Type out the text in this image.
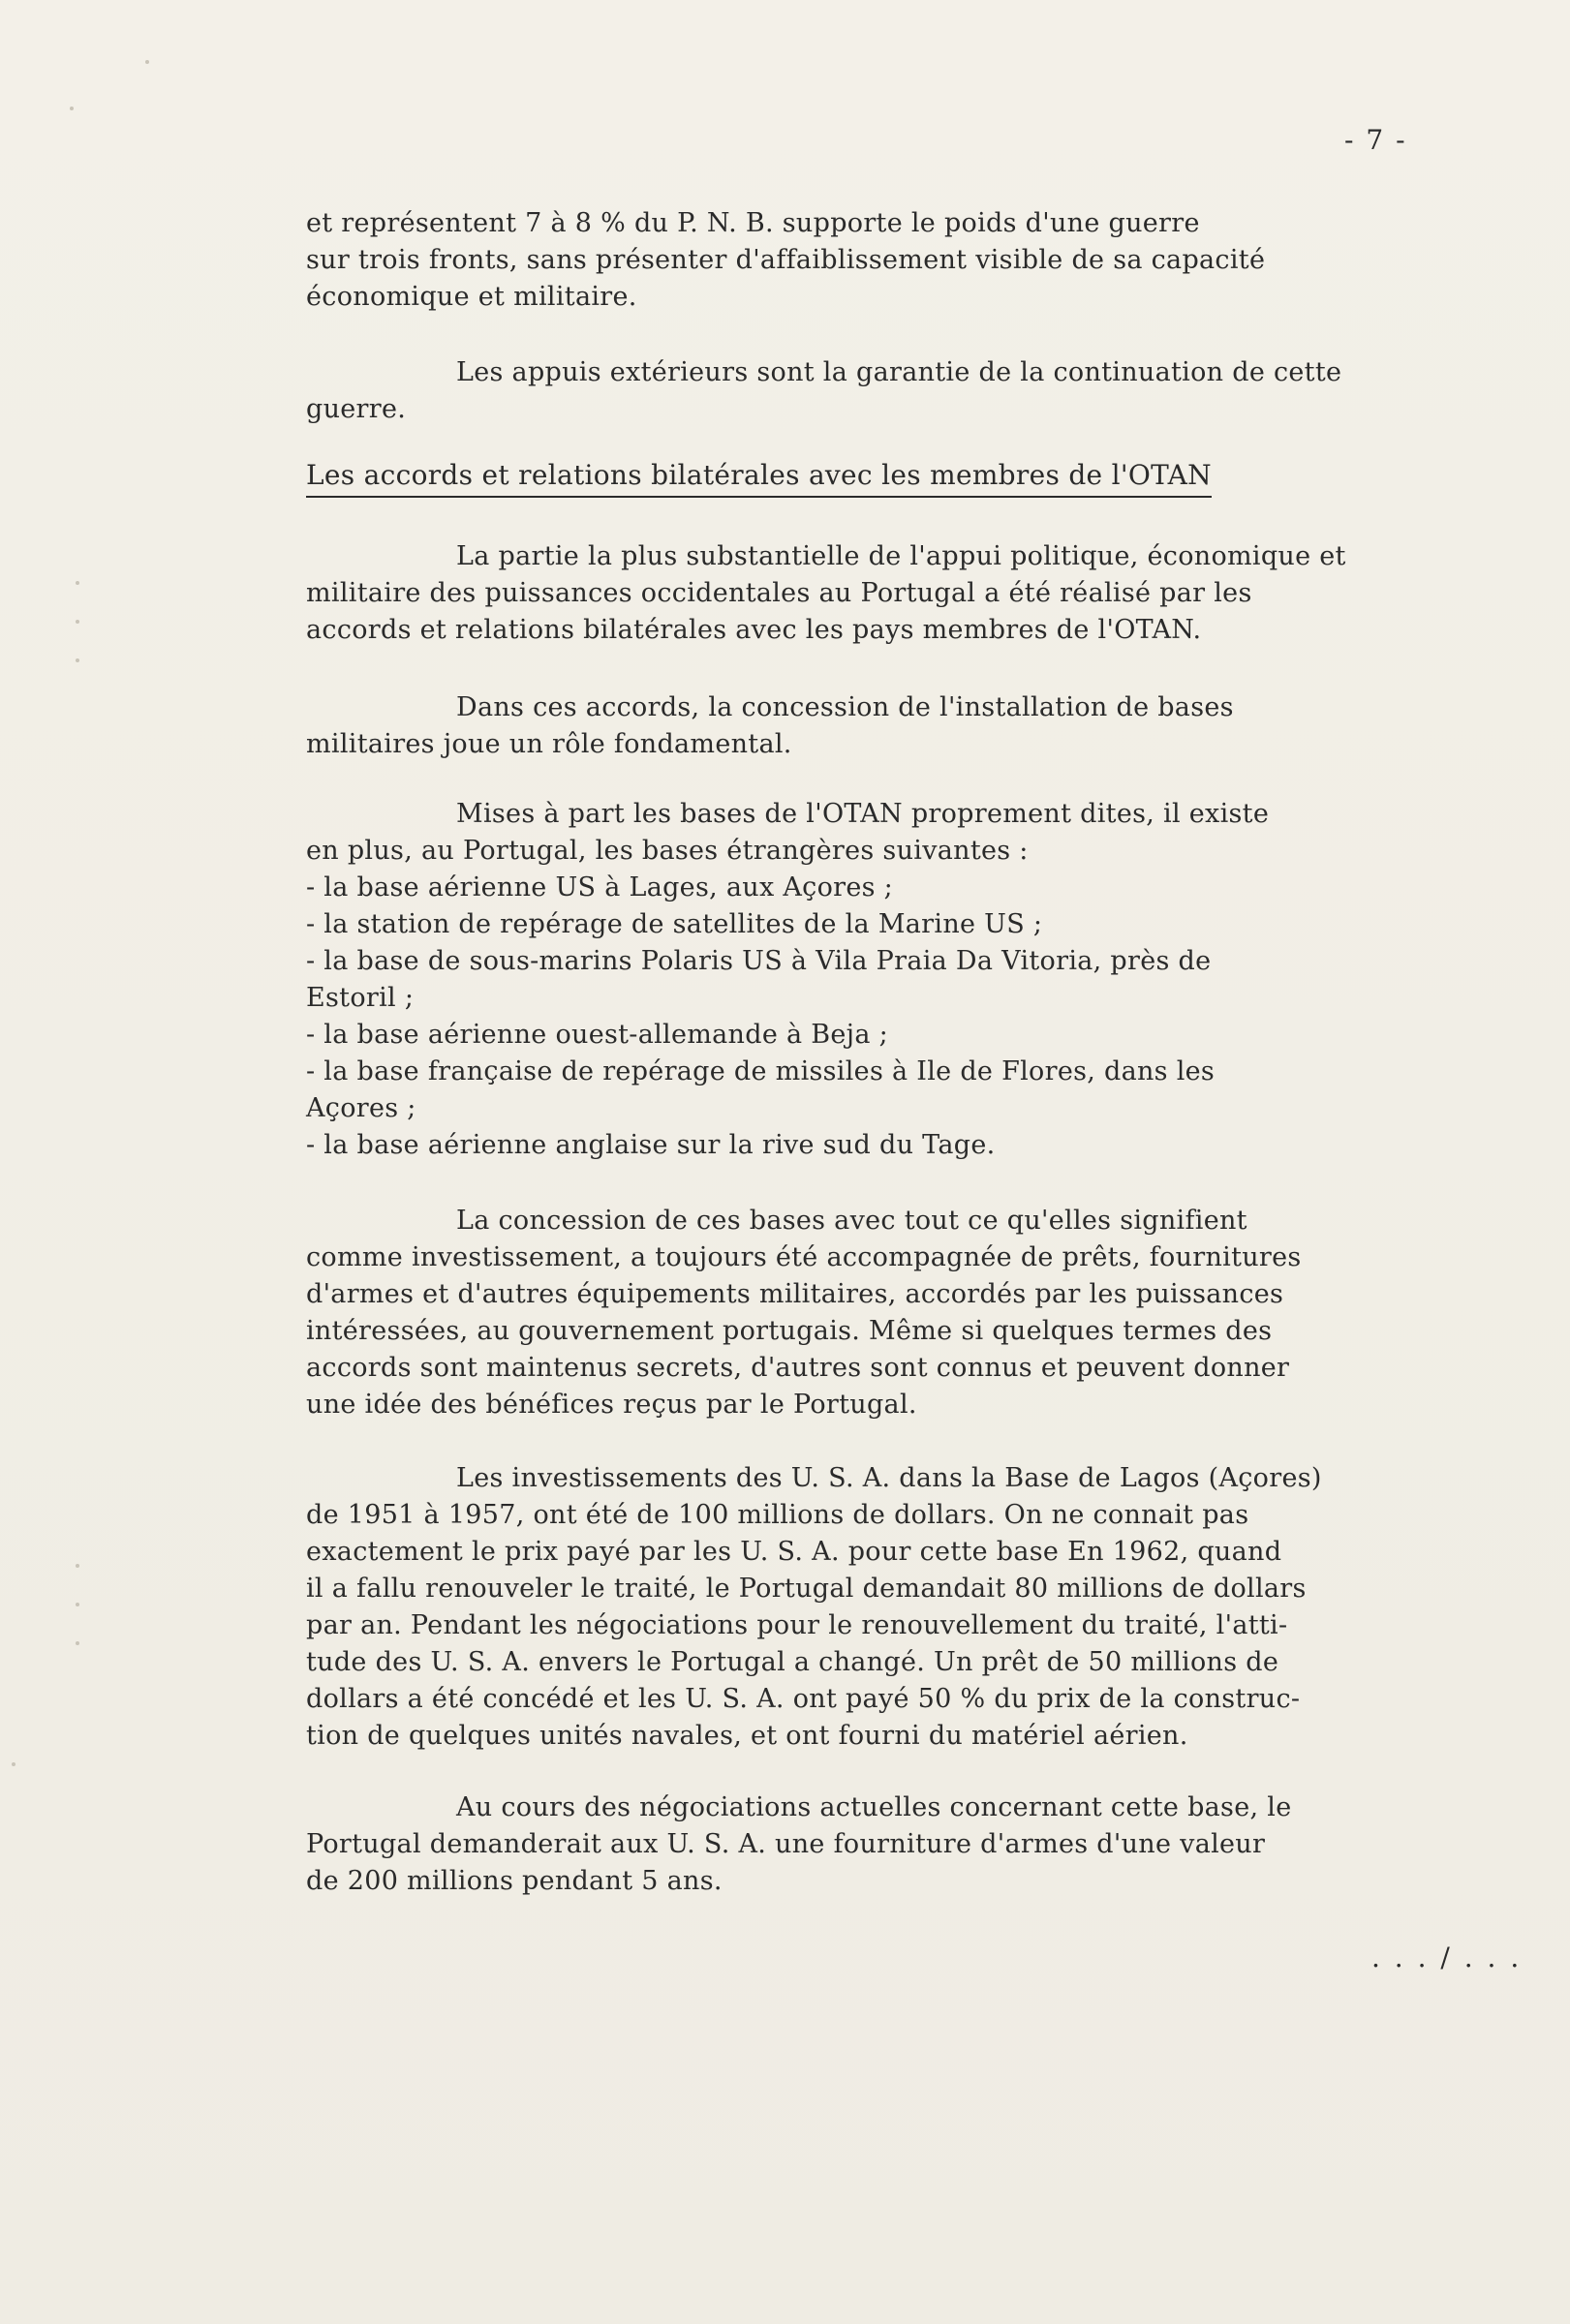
- 7 -
et représentent 7 à 8 % du P. N. B. supporte le poids d'une guerre
sur trois fronts, sans présenter d'affaiblissement visible de sa capacité
économique et militaire.
Les appuis extérieurs sont la garantie de la continuation de cette
guerre.
Les accords et relations bilatérales avec les membres de l'OTAN
La partie la plus substantielle de l'appui politique, économique et
militaire des puissances occidentales au Portugal a été réalisé par les
accords et relations bilatérales avec les pays membres de l'OTAN.
Dans ces accords, la concession de l'installation de bases
militaires joue un rôle fondamental.
Mises à part les bases de l'OTAN proprement dites, il existe
en plus, au Portugal, les bases étrangères suivantes :
- la base aérienne US à Lages, aux Açores ;
- la station de repérage de satellites de la Marine US ;
- la base de sous-marins Polaris US à Vila Praia Da Vitoria, près de
Estoril ;
- la base aérienne ouest-allemande à Beja ;
- la base française de repérage de missiles à Ile de Flores, dans les
Açores ;
- la base aérienne anglaise sur la rive sud du Tage.
La concession de ces bases avec tout ce qu'elles signifient
comme investissement, a toujours été accompagnée de prêts, fournitures
d'armes et d'autres équipements militaires, accordés par les puissances
intéressées, au gouvernement portugais. Même si quelques termes des
accords sont maintenus secrets, d'autres sont connus et peuvent donner
une idée des bénéfices reçus par le Portugal.
Les investissements des U. S. A. dans la Base de Lagos (Açores)
de 1951 à 1957, ont été de 100 millions de dollars. On ne connait pas
exactement le prix payé par les U. S. A. pour cette base En 1962, quand
il a fallu renouveler le traité, le Portugal demandait 80 millions de dollars
par an. Pendant les négociations pour le renouvellement du traité, l'atti-
tude des U. S. A. envers le Portugal a changé. Un prêt de 50 millions de
dollars a été concédé et les U. S. A. ont payé 50 % du prix de la construc-
tion de quelques unités navales, et ont fourni du matériel aérien.
Au cours des négociations actuelles concernant cette base, le
Portugal demanderait aux U. S. A. une fourniture d'armes d'une valeur
de 200 millions pendant 5 ans.
. . . / . . .
